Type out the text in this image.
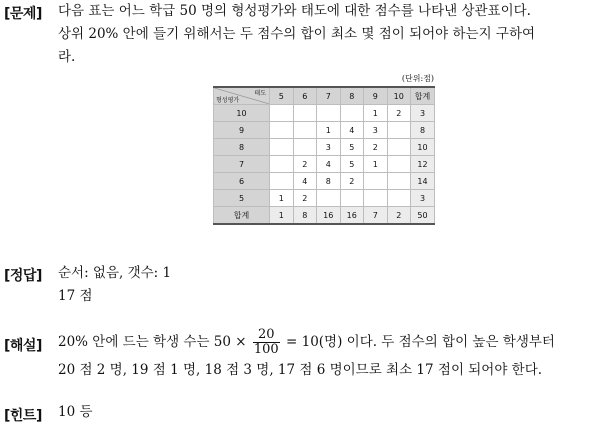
[문제] 다음 표는 어느 학급 50 명의 형성평가와 태도에 대한 점수를 나타낸 상관표이다.
상위 20% 안에 들기 위해서는 두 점수의 합이 최소 몇 점이 되어야 하는지 구하여
라.
(단위:점)
태도
형성평가	5	6	7	8	9	10	합계
10					1	2	3
9			1	4	3		8
8			3	5	2		10
7		2	4	5	1		12
6		4	8	2			14
5	1	2					3
합계	1	8	16	16	7	2	50
[정답] 순서: 없음, 갯수: 1
17 점
[해설] 20% 안에 드는 학생 수는 $50 \times \frac{20}{100} = 10$(명) 이다. 두 점수의 합이 높은 학생부터
20 점 2 명, 19 점 1 명, 18 점 3 명, 17 점 6 명이므로 최소 17 점이 되어야 한다.
[힌트] 10 등
